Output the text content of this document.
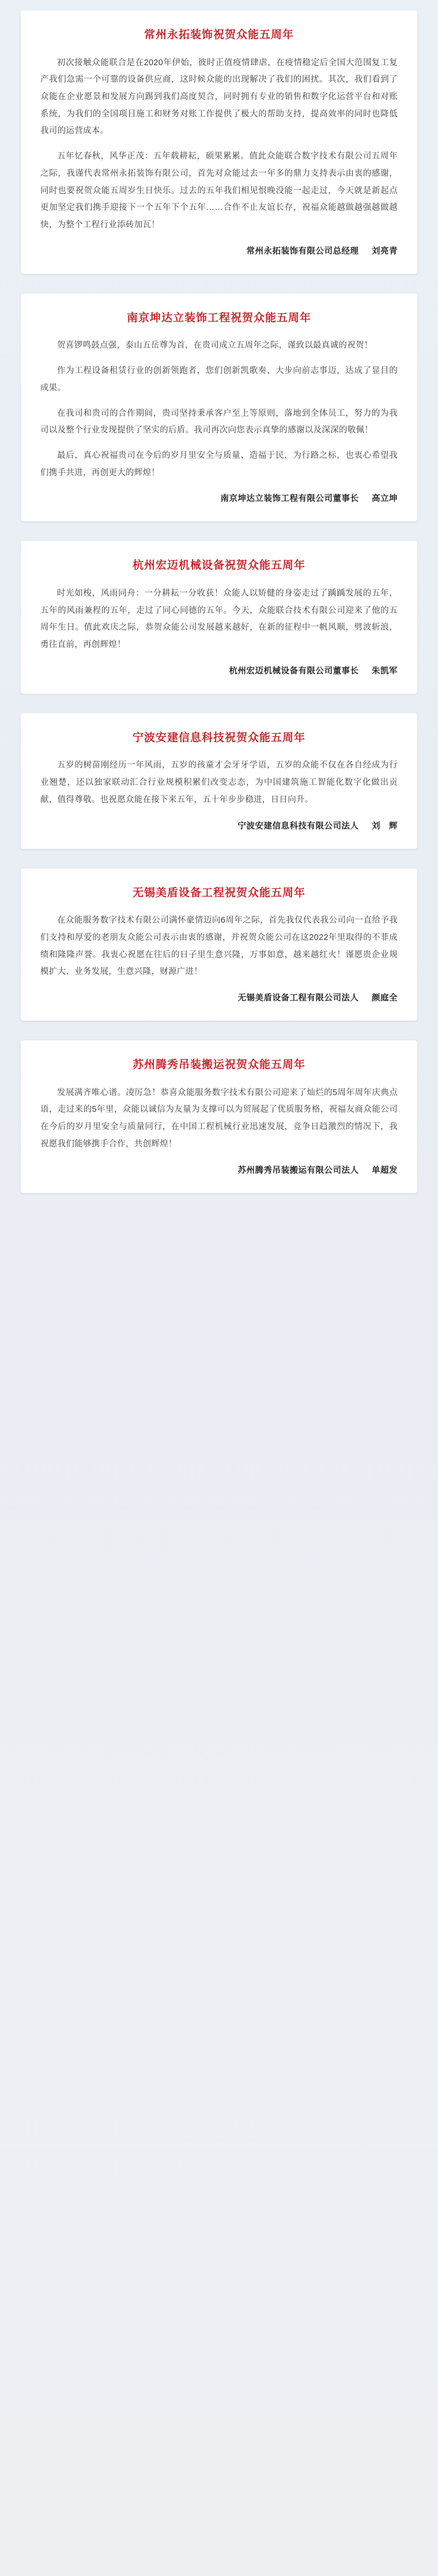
常州永拓装饰祝贺众能五周年

初次接触众能联合是在2020年伊始，彼时正值疫情肆虐，在疫情稳定后全国大范围复工复产我们急需一个可靠的设备供应商，这时候众能的出现解决了我们的困扰。其次，我们看到了众能在企业愿景和发展方向踢到我们高度契合，同时拥有专业的销售和数字化运营平台和对账系统，为我们的全国项目施工和财务对账工作提供了极大的帮助支持，提高效率的同时也降低我司的运营成本。

五年忆春秋，风华正茂：五年载耕耘，硕果累累。值此众能联合数字技术有限公司五周年之际，我谨代表常州永拓装饰有限公司，首先对众能过去一年多的鼎力支持表示由衷的感谢，同时也要祝贺众能五周岁生日快乐。过去的五年我们相见恨晚没能一起走过，今天就是新起点更加坚定我们携手迎接下一个五年下个五年……合作不止友谊长存，祝福众能越做越强越做越快，为整个工程行业添砖加瓦！

常州永拓装饰有限公司总经理 刘亮青
南京坤达立装饰工程祝贺众能五周年

贺喜锣鸣鼓点强，泰山五岳尊为首，在贵司成立五周年之际，谨致以最真诚的祝贺！

作为工程设备租赁行业的创新领跑者，您们创新凯歌奏、大步向前志事迈，达成了显目的成果。

在我司和贵司的合作期间，贵司坚持秉承客户至上等原则，落地到全体员工，努力的为我司以及整个行业发现提供了坚实的后盾。我司再次向您表示真挚的感谢以及深深的敬佩！

最后，真心祝福贵司在今后的岁月里安全与质量、造福于民，为行路之标，也衷心希望我们携手共进，再创更大的辉煌！

南京坤达立装饰工程有限公司董事长 高立坤
杭州宏迈机械设备祝贺众能五周年

时光如梭，风雨同舟：一分耕耘一分收获！众能人以矫健的身姿走过了踽踽发展的五年，五年的风雨兼程的五年，走过了同心同德的五年。今天，众能联合技术有限公司迎来了他的五周年生日。值此欢庆之际，恭贺众能公司发展越来越好，在新的征程中一帆风顺，劈波斩浪，勇往直前，再创辉煌！

杭州宏迈机械设备有限公司董事长 朱凯军
宁波安建信息科技祝贺众能五周年

五岁的树苗刚经历一年风雨，五岁的孩童才会牙牙学语，五岁的众能不仅在各自经成为行业翘楚，还以独家联动汇合行业规模积累们改变志态，为中国建筑施工智能化数字化做出贡献，值得尊敬。也祝愿众能在接下来五年，五十年步步稳进，日日向升。

宁波安建信息科技有限公司法人 刘　辉
无锡美盾设备工程祝贺众能五周年

在众能服务数字技术有限公司满怀豪情迈向6周年之际，首先我仅代表我公司向一直给予我们支持和厚爱的老朋友众能公司表示由衷的感谢，并祝贺众能公司在这2022年里取得的不菲成绩和隆隆声誉。我衷心祝愿在往后的日子里生意兴隆，万事如意，越来越红火！谨愿贵企业规模扩大、业务发展，生意兴隆，财源广进！

无锡美盾设备工程有限公司法人 颜庭全
苏州腾秀吊装搬运祝贺众能五周年

发展满齐唯心谱。凌厉急！恭喜众能服务数字技术有限公司迎来了灿烂的5周年周年庆典点语，走过来的5年里，众能以诚信为友量为支撑可以为贸展起了优质服务格，祝福友商众能公司在今后的岁月里安全与质量同行，在中国工程机械行业迅速发展，竞争日趋激烈的情况下，我祝愿我们能够携手合作，共创辉煌！

苏州腾秀吊装搬运有限公司法人 单超发
